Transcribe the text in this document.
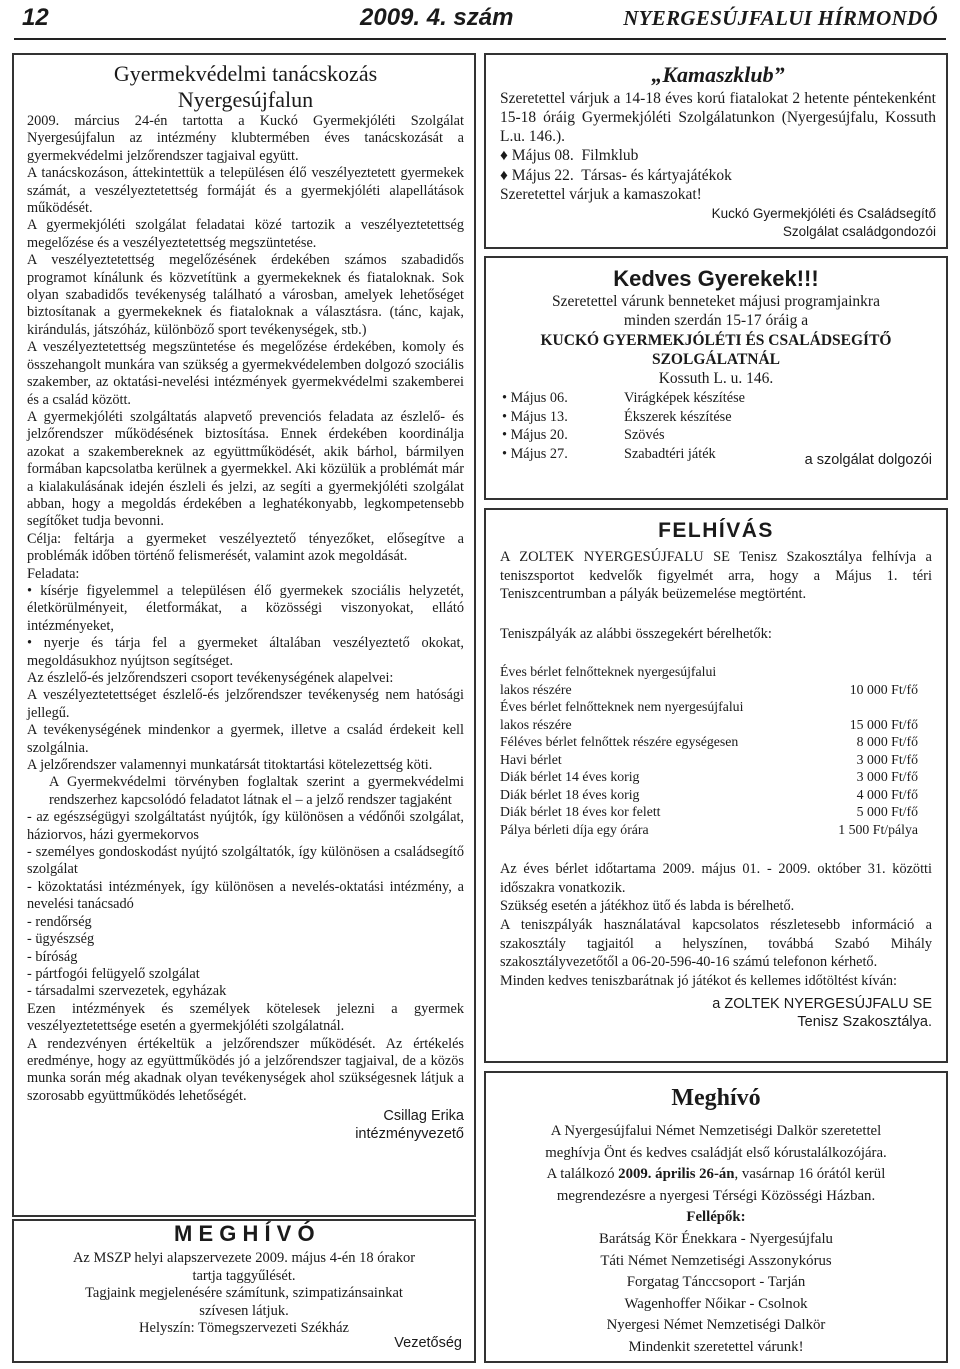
12	2009. 4. szám	NYERGESÚJFALUI HÍRMONDÓ

Gyermekvédelmi tanácskozás

Nyergesújfalun

2009. március 24-én tartotta a Kuckó Gyermekjóléti Szolgálat Nyergesújfalun az intézmény klubtermében éves tanácskozását a gyermekvédelmi jelzőrendszer tagjaival együtt.

A tanácskozáson, áttekintettük a településen élő veszélyeztetett gyermekek számát, a veszélyeztetettség formáját és a gyermekjóléti alapellátások működését.

A gyermekjóléti szolgálat feladatai közé tartozik a veszélyeztetettség megelőzése és a veszélyeztetettség megszüntetése.

A veszélyeztetettség megelőzésének érdekében számos szabadidős programot kínálunk és közvetítünk a gyermekeknek és fiataloknak. Sok olyan szabadidős tevékenység található a városban, amelyek lehetőséget biztosítanak a gyermekeknek és fiataloknak a választásra. (tánc, kajak, kirándulás, játszóház, különböző sport tevékenységek, stb.)

A veszélyeztetettség megszüntetése és megelőzése érdekében, komoly és összehangolt munkára van szükség a gyermekvédelemben dolgozó szociális szakember, az oktatási-nevelési intézmények gyermekvédelmi szakemberei és a család között.

A gyermekjóléti szolgáltatás alapvető prevenciós feladata az észlelő- és jelzőrendszer működésének biztosítása. Ennek érdekében koordinálja azokat a szakembereknek az együttműködését, akik bárhol, bármilyen formában kapcsolatba kerülnek a gyermekkel. Aki közülük a problémát már a kialakulásának idején észleli és jelzi, az segíti a gyermekjóléti szolgálat abban, hogy a megoldás érdekében a leghatékonyabb, legkompetensebb segítőket tudja bevonni.

Célja: feltárja a gyermeket veszélyeztető tényezőket, elősegítve a problémák időben történő felismerését, valamint azok megoldását.

Feladata:

• kísérje figyelemmel a településen élő gyermekek szociális helyzetét, életkörülményeit, életformákat, a közösségi viszonyokat, ellátó intézményeket,

• nyerje és tárja fel a gyermeket általában veszélyeztető okokat, megoldásukhoz nyújtson segítséget.

Az észlelő-és jelzőrendszeri csoport tevékenységének alapelvei:

A veszélyeztetettséget észlelő-és jelzőrendszer tevékenység nem hatósági jellegű.

A tevékenységének mindenkor a gyermek, illetve a család érdekeit kell szolgálnia.

A jelzőrendszer valamennyi munkatársát titoktartási kötelezettség köti.

A Gyermekvédelmi törvényben foglaltak szerint a gyermekvédelmi rendszerhez kapcsolódó feladatot látnak el – a jelző rendszer tagjaként

- az egészségügyi szolgáltatást nyújtók, így különösen a védőnői szolgálat, háziorvos, házi gyermekorvos

- személyes gondoskodást nyújtó szolgáltatók, így különösen a családsegítő szolgálat

- közoktatási intézmények, így különösen a nevelés-oktatási intézmény, a nevelési tanácsadó

- rendőrség

- ügyészség

- bíróság

- pártfogói felügyelő szolgálat

- társadalmi szervezetek, egyházak

Ezen intézmények és személyek kötelesek jelezni a gyermek veszélyeztetettsége esetén a gyermekjóléti szolgálatnál.

A rendezvényen értékeltük a jelzőrendszer működését. Az értékelés eredménye, hogy az együttműködés jó a jelzőrendszer tagjaival, de a közös munka során még akadnak olyan tevékenységek ahol szükségesnek látjuk a szorosabb együttműködés lehetőségét.

Csillag Erika
intézményvezető
M E G H Í V Ó
Az MSZP helyi alapszervezete 2009. május 4-én 18 órakor
tartja taggyűlését.
Tagjaink megjelenésére számítunk, szimpatizánsainkat
szívesen látjuk.
Helyszín: Tömegszervezeti Székház
Vezetőség
„Kamaszklub”

Szeretettel várjuk a 14-18 éves korú fiatalokat 2 hetente péntekenként 15-18 óráig Gyermekjóléti Szolgálatunkon (Nyergesújfalu, Kossuth L.u. 146.).

♦ Május 08.  Filmklub
♦ Május 22.  Társas- és kártyajátékok
Szeretettel várjuk a kamaszokat!
Kuckó Gyermekjóléti és Családsegítő
Szolgálat családgondozói
Kedves Gyerekek!!!
Szeretettel várunk benneteket májusi programjainkra
minden szerdán 15-17 óráig a
KUCKÓ GYERMEKJÓLÉTI ÉS CSALÁDSEGÍTŐ
SZOLGÁLATNÁL
Kossuth L. u. 146.
• Május 06.	Virágképek készítése
• Május 13.	Ékszerek készítése
• Május 20.	Szövés
• Május 27.	Szabadtéri játék	a szolgálat dolgozói
FELHÍVÁS

A ZOLTEK NYERGESÚJFALU SE Tenisz Szakosztálya felhívja a teniszsportot kedvelők figyelmét arra, hogy a Május 1. téri Teniszcentrumban a pályák beüzemelése megtörtént.

Teniszpályák az alábbi összegekért bérelhetők:

Éves bérlet felnőtteknek nyergesújfalui
lakos részére	10 000 Ft/fő
Éves bérlet felnőtteknek nem nyergesújfalui
lakos részére	15 000 Ft/fő
Féléves bérlet felnőttek részére egységesen	8 000 Ft/fő
Havi bérlet	3 000 Ft/fő
Diák bérlet 14 éves korig	3 000 Ft/fő
Diák bérlet 18 éves korig	4 000 Ft/fő
Diák bérlet 18 éves kor felett	5 000 Ft/fő
Pálya bérleti díja egy órára	1 500 Ft/pálya
Az éves bérlet időtartama 2009. május 01. - 2009. október 31. közötti időszakra vonatkozik.
Szükség esetén a játékhoz ütő és labda is bérelhető.
A teniszpályák használatával kapcsolatos részletesebb információ a szakosztály tagjaitól a helyszínen, továbbá Szabó Mihály szakosztályvezetőtől a 06-20-596-40-16 számú telefonon kérhető.
Minden kedves teniszbarátnak jó játékot és kellemes időtöltést kíván:
a ZOLTEK NYERGESÚJFALU SE
Tenisz Szakosztálya.
Meghívó

A Nyergesújfalui Német Nemzetiségi Dalkör szeretettel

meghívja Önt és kedves családját első kórustalálkozójára.

A találkozó 2009. április 26-án, vasárnap 16 órától kerül

megrendezésre a nyergesi Térségi Közösségi Házban.

Fellépők:

Barátság Kör Énekkara - Nyergesújfalu

Táti Német Nemzetiségi Asszonykórus

Forgatag Tánccsoport - Tarján

Wagenhoffer Nőikar - Csolnok

Nyergesi Német Nemzetiségi Dalkör

Mindenkit szeretettel várunk!
